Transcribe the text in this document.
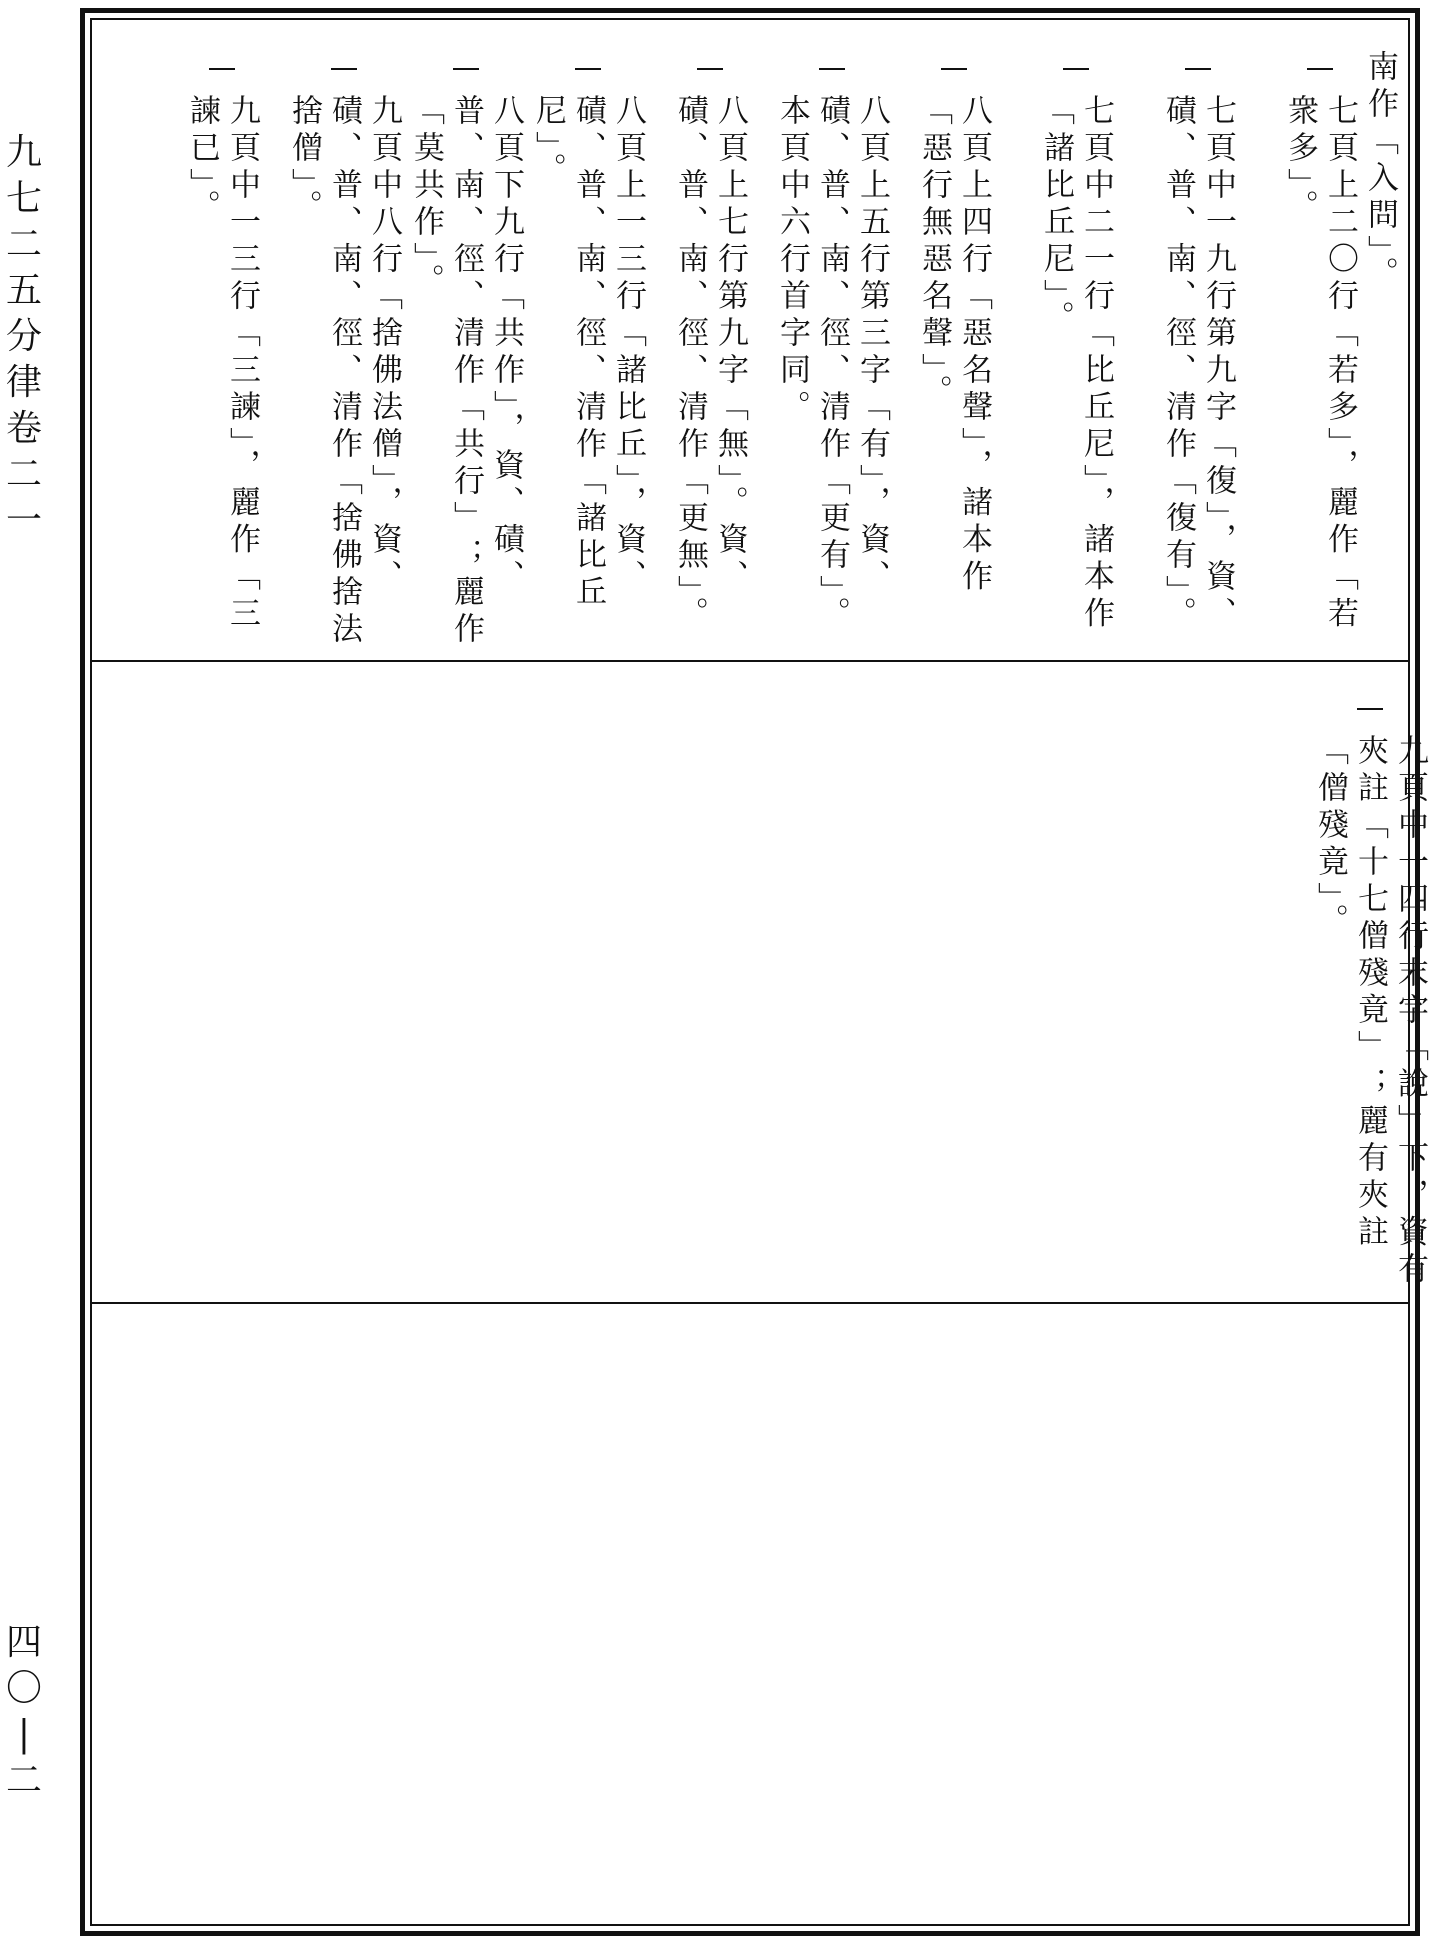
九
七
二
五
分
律
卷
二
一
四
〇
|
二
南作「入問」。
七頁上二〇行「若多」，麗作「若衆多」。
七頁中一九行第九字「復」，資、磧、普、南、徑、清作「復有」。
七頁中二一行「比丘尼」，諸本作「諸比丘尼」。
八頁上四行「惡名聲」，諸本作「惡行無惡名聲」。
八頁上五行第三字「有」，資、磧、普、南、徑、清作「更有」。本頁中六行首字同。
八頁上七行第九字「無」。資、磧、普、南、徑、清作「更無」。
八頁上一三行「諸比丘」，資、磧、普、南、徑、清作「諸比丘尼」。
八頁下九行「共作」，資、磧、普、南、徑、清作「共行」；麗作「莫共作」。
九頁中八行「捨佛法僧」，資、磧、普、南、徑、清作「捨佛捨法捨僧」。
九頁中一三行「三諫」，麗作「三諫已」。
九頁中一四行末字「說」下，資有夾註「十七僧殘竟」；麗有夾註「僧殘竟」。
